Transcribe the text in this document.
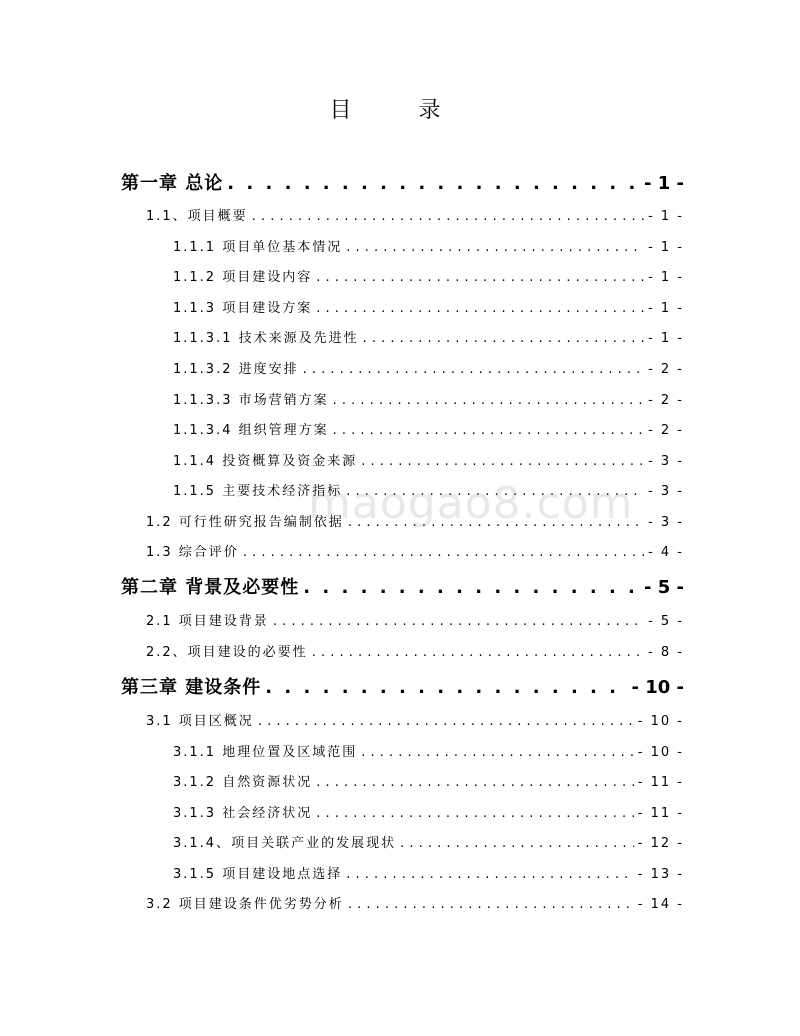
目 录
第一章 总论 . . .	- 1 -
1.1、项目概要 . . .	- 1 -
1.1.1 项目单位基本情况 . . .	- 1 -
1.1.2 项目建设内容 . . .	- 1 -
1.1.3 项目建设方案 . . .	- 1 -
1.1.3.1 技术来源及先进性 . . .	- 1 -
1.1.3.2 进度安排 . . .	- 2 -
1.1.3.3 市场营销方案 . . .	- 2 -
1.1.3.4 组织管理方案 . . .	- 2 -
1.1.4 投资概算及资金来源 . . .	- 3 -
1.1.5 主要技术经济指标 . . .	- 3 -
1.2 可行性研究报告编制依据 . . .	- 3 -
1.3 综合评价 . . .	- 4 -
第二章 背景及必要性 . . .	- 5 -
2.1 项目建设背景 . . .	- 5 -
2.2、项目建设的必要性 . . .	- 8 -
第三章 建设条件 . . .	- 10 -
3.1 项目区概况 . . .	- 10 -
3.1.1 地理位置及区域范围 . . .	- 10 -
3.1.2 自然资源状况 . . .	- 11 -
3.1.3 社会经济状况 . . .	- 11 -
3.1.4、项目关联产业的发展现状 . . .	- 12 -
3.1.5 项目建设地点选择 . . .	- 13 -
3.2 项目建设条件优劣势分析 . . .	- 14 -
maogao8.com
